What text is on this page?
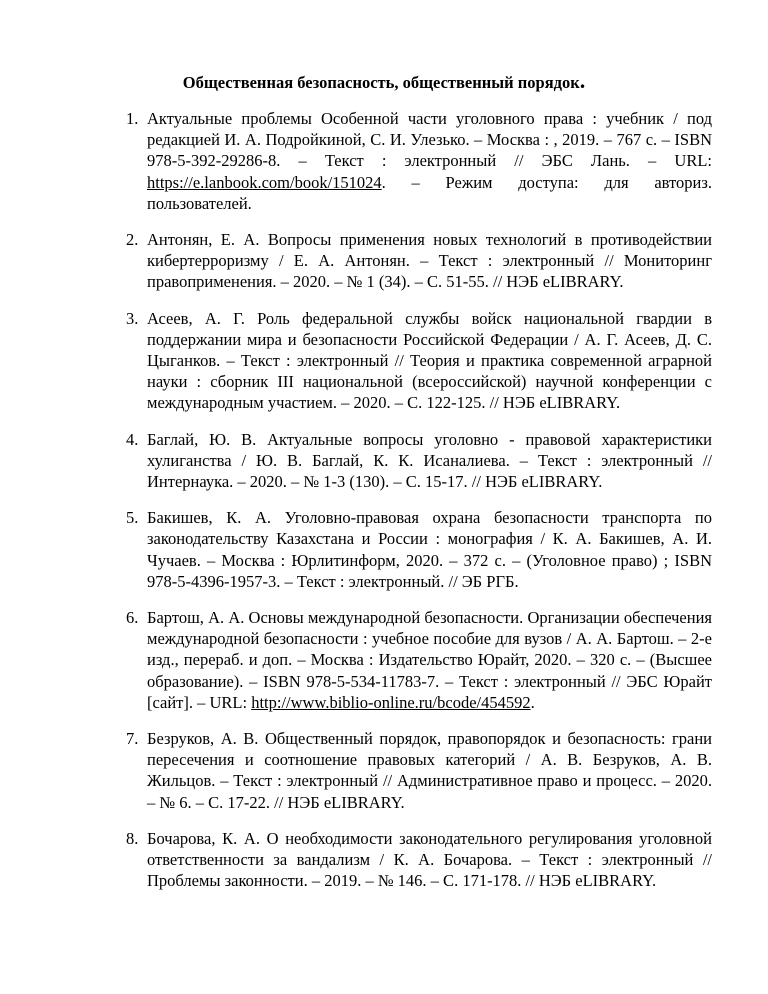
Общественная безопасность, общественный порядок.
1. Актуальные проблемы Особенной части уголовного права : учебник / под редакцией И. А. Подройкиной, С. И. Улезько. – Москва : , 2019. – 767 с. – ISBN 978-5-392-29286-8. – Текст : электронный // ЭБС Лань. – URL: https://e.lanbook.com/book/151024. – Режим доступа: для авториз. пользователей.
2. Антонян, Е. А. Вопросы применения новых технологий в противодействии кибертерроризму / Е. А. Антонян. – Текст : электронный // Мониторинг правоприменения. – 2020. – № 1 (34). – С. 51-55. // НЭБ eLIBRARY.
3. Асеев, А. Г. Роль федеральной службы войск национальной гвардии в поддержании мира и безопасности Российской Федерации / А. Г. Асеев, Д. С. Цыганков. – Текст : электронный // Теория и практика современной аграрной науки : сборник III национальной (всероссийской) научной конференции с международным участием. – 2020. – С. 122-125. // НЭБ eLIBRARY.
4. Баглай, Ю. В. Актуальные вопросы уголовно - правовой характеристики хулиганства / Ю. В. Баглай, К. К. Исаналиева. – Текст : электронный // Интернаука. – 2020. – № 1-3 (130). – С. 15-17. // НЭБ eLIBRARY.
5. Бакишев, К. А. Уголовно-правовая охрана безопасности транспорта по законодательству Казахстана и России : монография / К. А. Бакишев, А. И. Чучаев. – Москва : Юрлитинформ, 2020. – 372 с. – (Уголовное право) ; ISBN 978-5-4396-1957-3. – Текст : электронный. // ЭБ РГБ.
6. Бартош, А. А. Основы международной безопасности. Организации обеспечения международной безопасности : учебное пособие для вузов / А. А. Бартош. – 2-е изд., перераб. и доп. – Москва : Издательство Юрайт, 2020. – 320 с. – (Высшее образование). – ISBN 978-5-534-11783-7. – Текст : электронный // ЭБС Юрайт [сайт]. – URL: http://www.biblio-online.ru/bcode/454592.
7. Безруков, А. В. Общественный порядок, правопорядок и безопасность: грани пересечения и соотношение правовых категорий / А. В. Безруков, А. В. Жильцов. – Текст : электронный // Административное право и процесс. – 2020. – № 6. – С. 17-22. // НЭБ eLIBRARY.
8. Бочарова, К. А. О необходимости законодательного регулирования уголовной ответственности за вандализм / К. А. Бочарова. – Текст : электронный // Проблемы законности. – 2019. – № 146. – С. 171-178. // НЭБ eLIBRARY.
